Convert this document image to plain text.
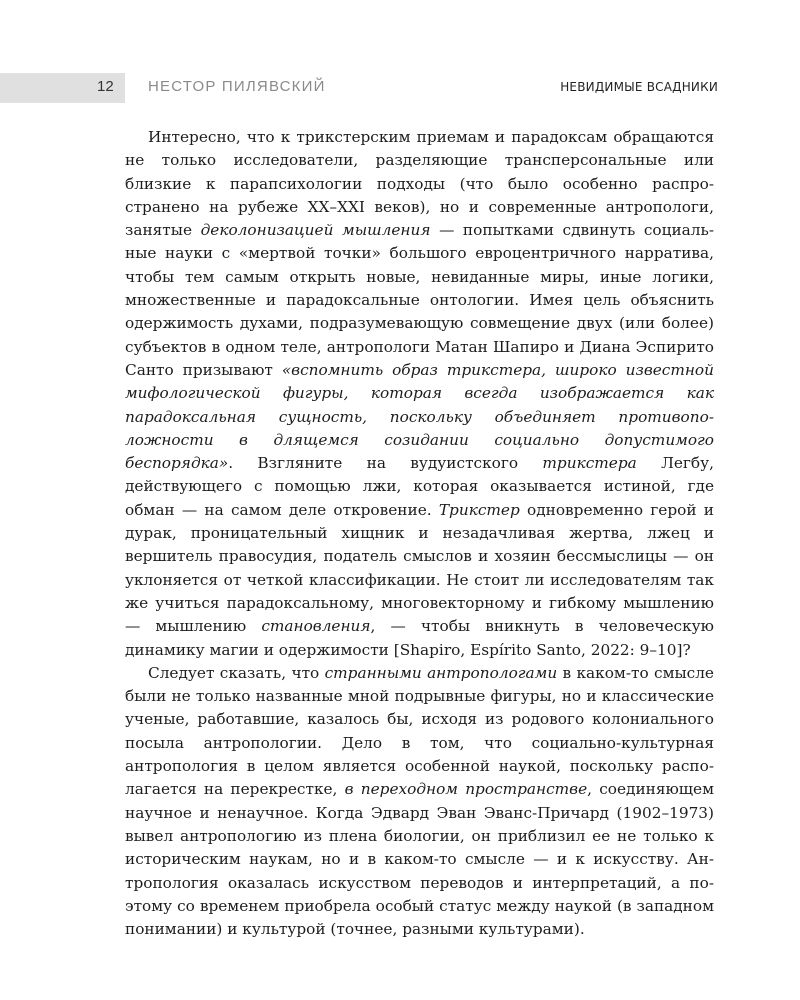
12 НЕСТОР ПИЛЯВСКИЙ	НЕВИДИМЫЕ ВСАДНИКИ

Интересно, что к трикстерским приемам и парадоксам обращаются не только исследователи, разделяющие трансперсональные или близкие к парапсихологии подходы (что было особенно распространено на рубеже XX–XXI веков), но и современные антропологи, занятые деколонизацией мышления — попытками сдвинуть социальные науки с «мертвой точки» большого евроцентричного нарратива, чтобы тем самым открыть новые, невиданные миры, иные логики, множественные и парадоксальные онтологии. Имея цель объяснить одержимость духами, подразумевающую совмещение двух (или более) субъектов в одном теле, антропологи Матан Шапиро и Диана Эспирито Санто призывают «вспомнить образ трикстера, широко известной мифологической фигуры, которая всегда изображается как парадоксальная сущность, поскольку объединяет противоположности в длящемся созидании социально допустимого беспорядка». Взгляните на вудуистского трикстера Легбу, действующего с помощью лжи, которая оказывается истиной, где обман — на самом деле откровение. Трикстер одновременно герой и дурак, проницательный хищник и незадачливая жертва, лжец и вершитель правосудия, податель смыслов и хозяин бессмыслицы — он уклоняется от четкой классификации. Не стоит ли исследователям так же учиться парадоксальному, многовекторному и гибкому мышлению — мышлению становления, — чтобы вникнуть в человеческую динамику магии и одержимости [Shapiro, Espírito Santo, 2022: 9–10]?

Следует сказать, что странными антропологами в каком-то смысле были не только названные мной подрывные фигуры, но и классические ученые, работавшие, казалось бы, исходя из родового колониального посыла антропологии. Дело в том, что социально-культурная антропология в целом является особенной наукой, поскольку располагается на перекрестке, в переходном пространстве, соединяющем научное и ненаучное. Когда Эдвард Эван Эванс-Причард (1902–1973) вывел антропологию из плена биологии, он приблизил ее не только к историческим наукам, но и в каком-то смысле — и к искусству. Антропология оказалась искусством переводов и интерпретаций, а поэтому со временем приобрела особый статус между наукой (в западном понимании) и культурой (точнее, разными культурами).
